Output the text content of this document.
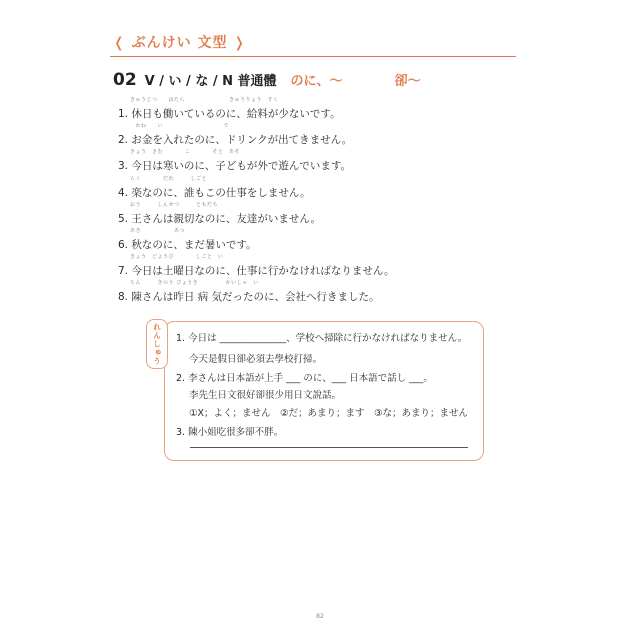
❬ ぶんけい 文型 ❭
02 V / い / な / N 普通體 のに、〜	卻〜
きゅうじつ　　はたら　　　　　　　　きゅうりょう　すく
1. 休日も働いているのに、給料が少ないです。
　かね　　い　　　　　　　　　　　で
2. お金を入れたのに、ドリンクが出てきません。
きょう　さむ　　　　こ　　　　そと　あそ
3. 今日は寒いのに、子どもが外で遊んでいます。
らく　　　　だれ　　　しごと
4. 楽なのに、誰もこの仕事をしません。
おう　　　しんせつ　　　ともだち
5. 王さんは親切なのに、友達がいません。
あき　　　　　　あつ
6. 秋なのに、まだ暑いです。
きょう　どようび　　　　しごと　い
7. 今日は土曜日なのに、仕事に行かなければなりません。
ちん　　　きのう びょうき　　　　　かいしゃ　い
8. 陳さんは昨日 病 気だったのに、会社へ行きました。
れんしゅう 1. 今日は ______________、学校へ掃除に行かなければなりません。
今天是假日卻必須去學校打掃。
2. 李さんは日本語が上手 ___ のに、___ 日本語で話し ___。
李先生日文很好卻很少用日文說話。
①X；よく；ません　②だ；あまり；ます　③な；あまり；ません
3. 陳小姐吃很多卻不胖。
82
